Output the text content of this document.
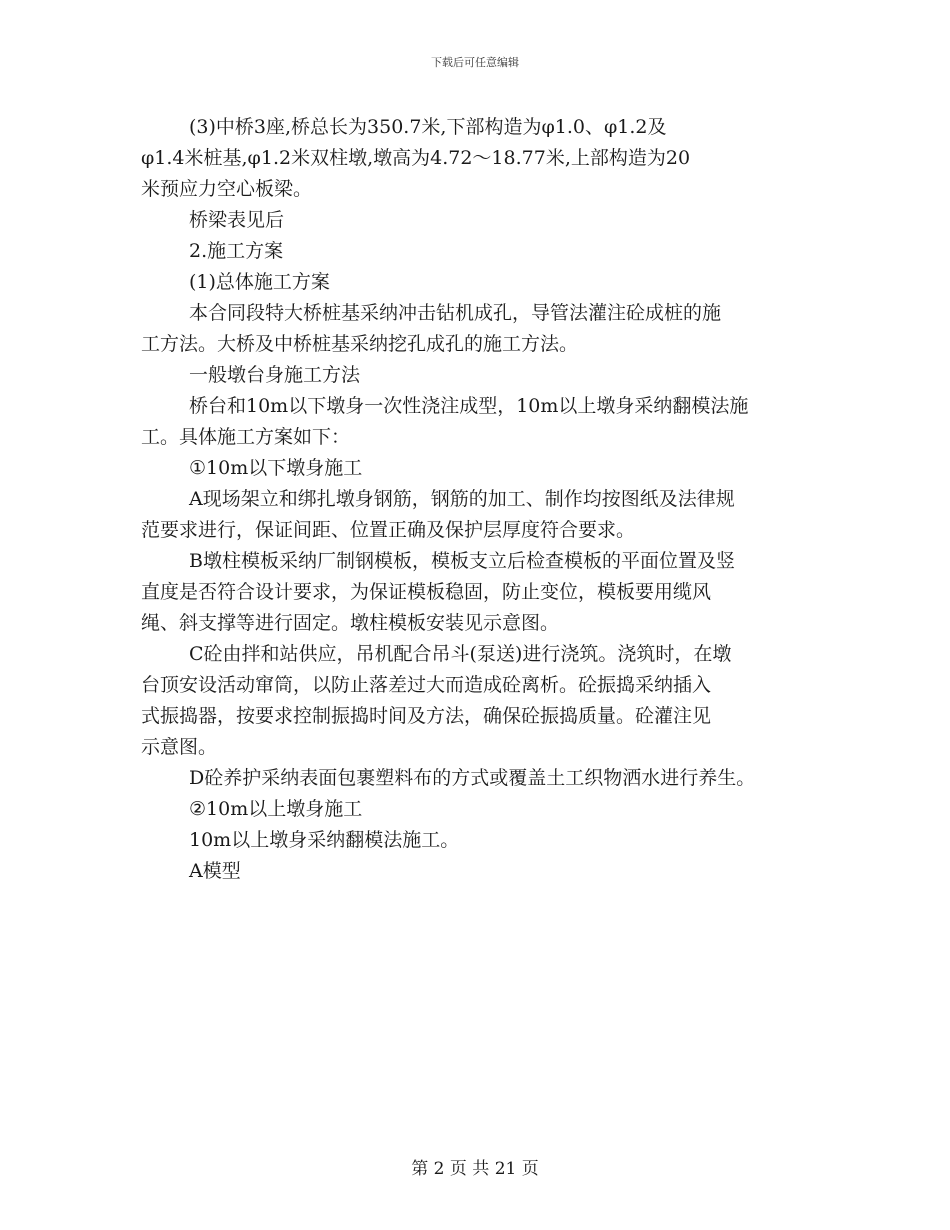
下载后可任意编辑

(3)中桥3座,桥总长为350.7米,下部构造为φ1.0、φ1.2及

φ1.4米桩基,φ1.2米双柱墩,墩高为4.72～18.77米,上部构造为20

米预应力空心板梁。

桥梁表见后

2.施工方案

(1)总体施工方案

本合同段特大桥桩基采纳冲击钻机成孔，导管法灌注砼成桩的施

工方法。大桥及中桥桩基采纳挖孔成孔的施工方法。

一般墩台身施工方法

桥台和10m以下墩身一次性浇注成型，10m以上墩身采纳翻模法施

工。具体施工方案如下：

①10m以下墩身施工

A现场架立和绑扎墩身钢筋，钢筋的加工、制作均按图纸及法律规

范要求进行，保证间距、位置正确及保护层厚度符合要求。

B墩柱模板采纳厂制钢模板，模板支立后检查模板的平面位置及竖

直度是否符合设计要求，为保证模板稳固，防止变位，模板要用缆风

绳、斜支撑等进行固定。墩柱模板安装见示意图。

C砼由拌和站供应，吊机配合吊斗(泵送)进行浇筑。浇筑时，在墩

台顶安设活动窜筒，以防止落差过大而造成砼离析。砼振捣采纳插入

式振捣器，按要求控制振捣时间及方法，确保砼振捣质量。砼灌注见

示意图。

D砼养护采纳表面包裹塑料布的方式或覆盖土工织物洒水进行养生。

②10m以上墩身施工

10m以上墩身采纳翻模法施工。

A模型

第 2 页 共 21 页
